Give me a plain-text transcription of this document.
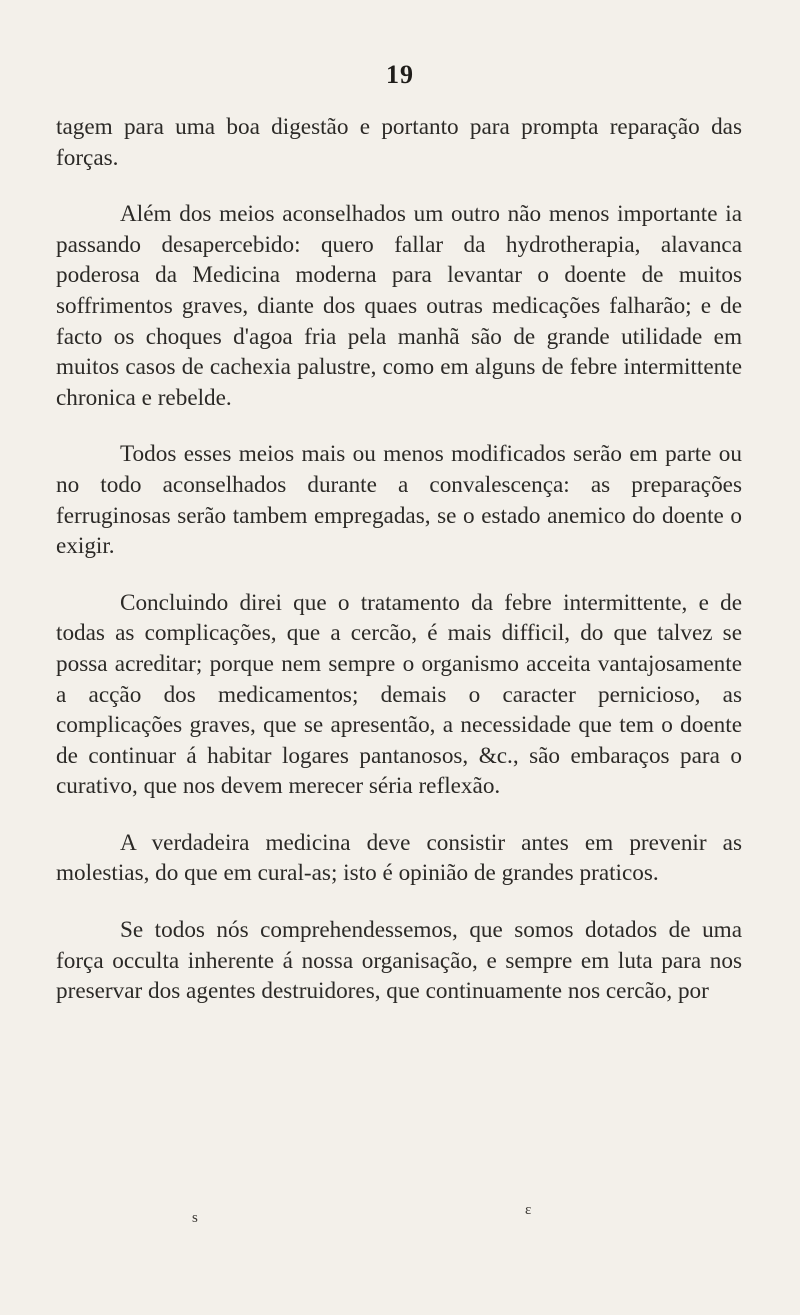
19

tagem para uma boa digestão e portanto para prompta reparação das forças.

Além dos meios aconselhados um outro não menos importante ia passando desapercebido: quero fallar da hydrotherapia, alavanca poderosa da Medicina moderna para levantar o doente de muitos soffrimentos graves, diante dos quaes outras medicações falharão; e de facto os choques d'agoa fria pela manhã são de grande utilidade em muitos casos de cachexia palustre, como em alguns de febre intermittente chronica e rebelde.

Todos esses meios mais ou menos modificados serão em parte ou no todo aconselhados durante a convalescença: as preparações ferruginosas serão tambem empregadas, se o estado anemico do doente o exigir.

Concluindo direi que o tratamento da febre intermittente, e de todas as complicações, que a cercão, é mais difficil, do que talvez se possa acreditar; porque nem sempre o organismo acceita vantajosamente a acção dos medicamentos; demais o caracter pernicioso, as complicações graves, que se apresentão, a necessidade que tem o doente de continuar á habitar logares pantanosos, &c., são embaraços para o curativo, que nos devem merecer séria reflexão.

A verdadeira medicina deve consistir antes em prevenir as molestias, do que em cural-as; isto é opinião de grandes praticos.

Se todos nós comprehendessemos, que somos dotados de uma força occulta inherente á nossa organisação, e sempre em luta para nos preservar dos agentes destruidores, que continuamente nos cercão, por

s	ε
